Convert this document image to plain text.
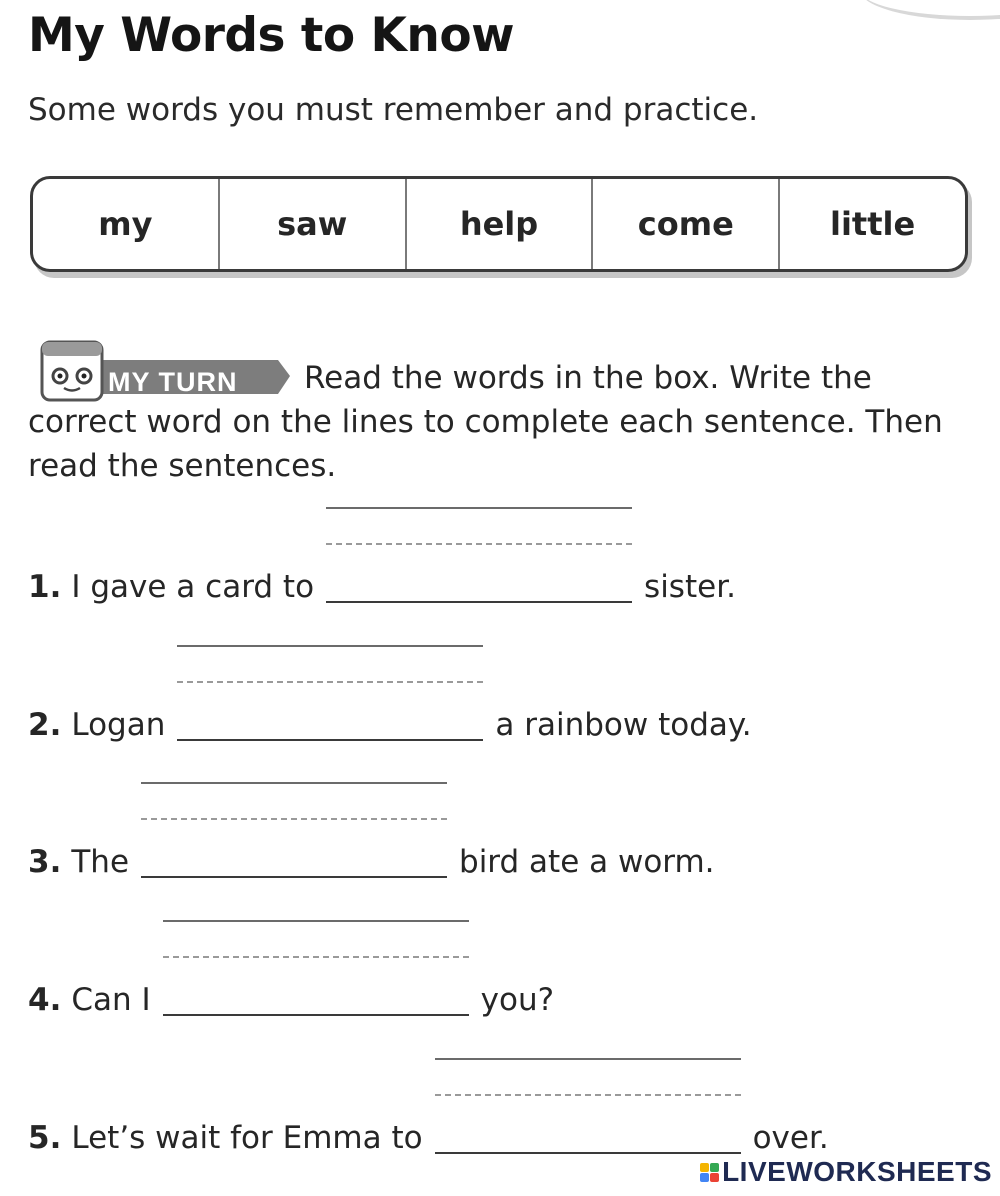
My Words to Know
Some words you must remember and practice.
my	saw	help	come	little
MY TURN Read the words in the box. Write the correct word on the lines to complete each sentence. Then read the sentences.
1. I gave a card to	sister.
2. Logan	a rainbow today.
3. The	bird ate a worm.
4. Can I	you?
5. Let’s wait for Emma to	over.
LIVEWORKSHEETS
